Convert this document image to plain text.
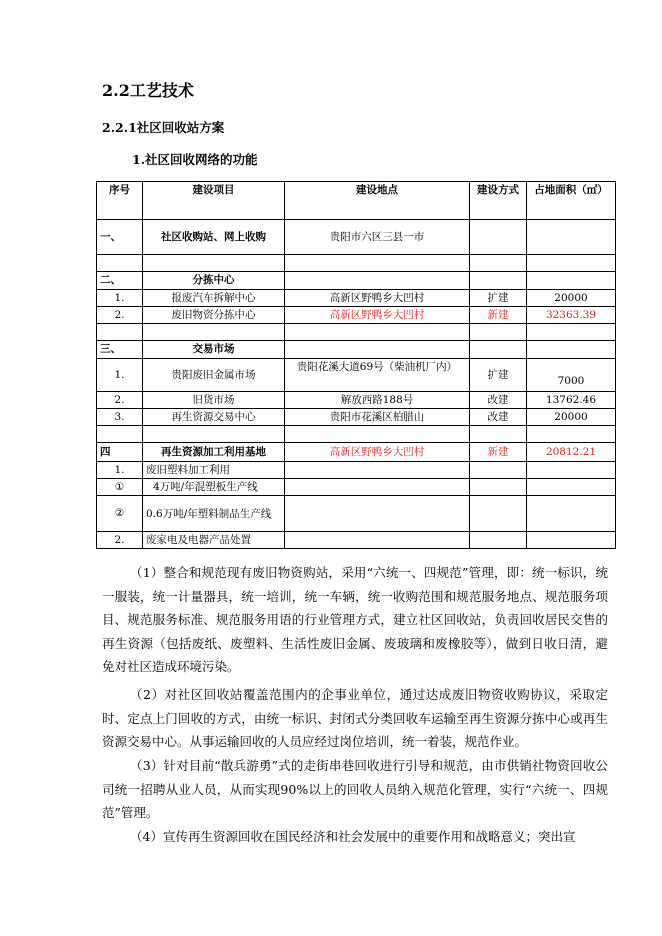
2.2工艺技术
2.2.1社区回收站方案
1.社区回收网络的功能
序号	建设项目	建设地点	建设方式	占地面积（㎡）
一、	社区收购站、网上收购	贵阳市六区三县一市		

二、	分拣中心			
1.	报废汽车拆解中心	高新区野鸭乡大凹村	扩建	20000
2.	废旧物资分拣中心	高新区野鸭乡大凹村	新建	32363.39

三、	交易市场			
1.	贵阳废旧金属市场	贵阳花溪大道69号（柴油机厂内）	扩建	7000
2.	旧货市场	解放西路188号	改建	13762.46
3.	再生资源交易中心	贵阳市花溪区柏腊山	改建	20000

四	再生资源加工利用基地	高新区野鸭乡大凹村	新建	20812.21
1.	废旧塑料加工利用			
①	4万吨/年混塑板生产线			
②	0.6万吨/年塑料制品生产线			
2.	废家电及电器产品处置			

（1）整合和规范现有废旧物资购站，采用“六统一、四规范”管理，即：统一标识，统一服装，统一计量器具，统一培训，统一车辆，统一收购范围和规范服务地点、规范服务项目、规范服务标准、规范服务用语的行业管理方式，建立社区回收站，负责回收居民交售的再生资源（包括废纸、废塑料、生活性废旧金属、废玻璃和废橡胶等），做到日收日清，避免对社区造成环境污染。

（2）对社区回收站覆盖范围内的企事业单位，通过达成废旧物资收购协议，采取定时、定点上门回收的方式，由统一标识、封闭式分类回收车运输至再生资源分拣中心或再生资源交易中心。从事运输回收的人员应经过岗位培训，统一着装，规范作业。

（3）针对目前“散兵游勇”式的走街串巷回收进行引导和规范，由市供销社物资回收公司统一招聘从业人员，从而实现90%以上的回收人员纳入规范化管理，实行“六统一、四规范”管理。

（4）宣传再生资源回收在国民经济和社会发展中的重要作用和战略意义；突出宣
